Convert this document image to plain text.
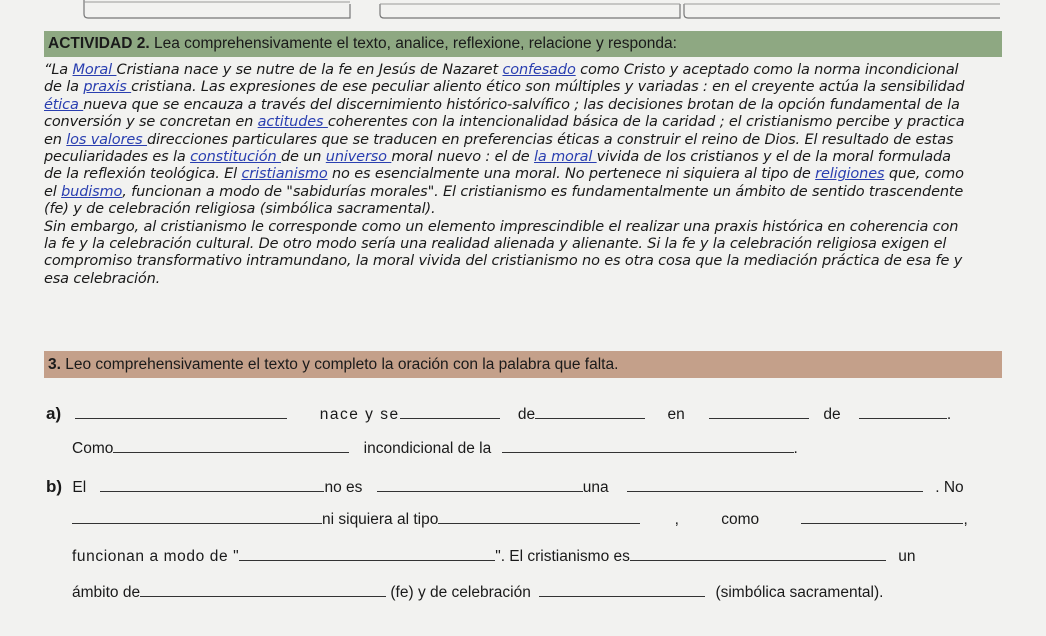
ACTIVIDAD 2. Lea comprehensivamente el texto, analice, reflexione, relacione y responda:

“La Moral Cristiana nace y se nutre de la fe en Jesús de Nazaret confesado como Cristo y aceptado como la norma incondicional

de la praxis cristiana. Las expresiones de ese peculiar aliento ético son múltiples y variadas : en el creyente actúa la sensibilidad

ética nueva que se encauza a través del discernimiento histórico-salvífico ; las decisiones brotan de la opción fundamental de la

conversión y se concretan en actitudes coherentes con la intencionalidad básica de la caridad ; el cristianismo percibe y practica

en los valores direcciones particulares que se traducen en preferencias éticas a construir el reino de Dios. El resultado de estas

peculiaridades es la constitución de un universo moral nuevo : el de la moral vivida de los cristianos y el de la moral formulada

de la reflexión teológica. El cristianismo no es esencialmente una moral. No pertenece ni siquiera al tipo de religiones que, como

el budismo, funcionan a modo de "sabidurías morales". El cristianismo es fundamentalmente un ámbito de sentido trascendente

(fe) y de celebración religiosa (simbólica sacramental).

Sin embargo, al cristianismo le corresponde como un elemento imprescindible el realizar una praxis histórica en coherencia con

la fe y la celebración cultural. De otro modo sería una realidad alienada y alienante. Si la fe y la celebración religiosa exigen el

compromiso transformativo intramundano, la moral vivida del cristianismo no es otra cosa que la mediación práctica de esa fe y

esa celebración.

3. Leo comprehensivamente el texto y completo la oración con la palabra que falta.
a)	nace y se	de	en	de	.
Como	incondicional de la	.
b) El	no es	una	. No
ni siquiera al tipo	,	como	,
funcionan a modo de "	". El cristianismo es	un
ámbito de	(fe) y de celebración	(simbólica sacramental).
